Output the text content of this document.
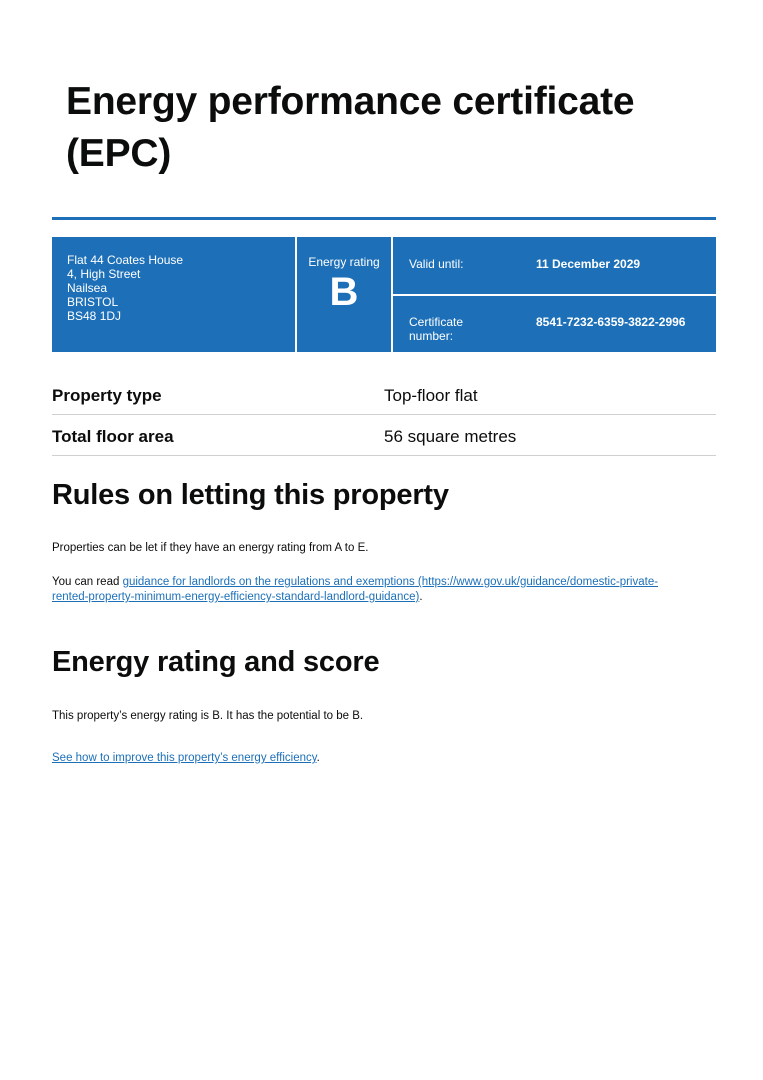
Energy performance certificate (EPC)
Flat 44 Coates House
4, High Street
Nailsea
BRISTOL
BS48 1DJ
Energy rating
B
Valid until:	11 December 2029
Certificate
number:
8541-7232-6359-3822-2996
Property type	Top-floor flat
Total floor area	56 square metres
Rules on letting this property

Properties can be let if they have an energy rating from A to E.

You can read guidance for landlords on the regulations and exemptions (https://www.gov.uk/guidance/domestic-private-
rented-property-minimum-energy-efficiency-standard-landlord-guidance).

Energy rating and score

This property’s energy rating is B. It has the potential to be B.

See how to improve this property’s energy efficiency.
